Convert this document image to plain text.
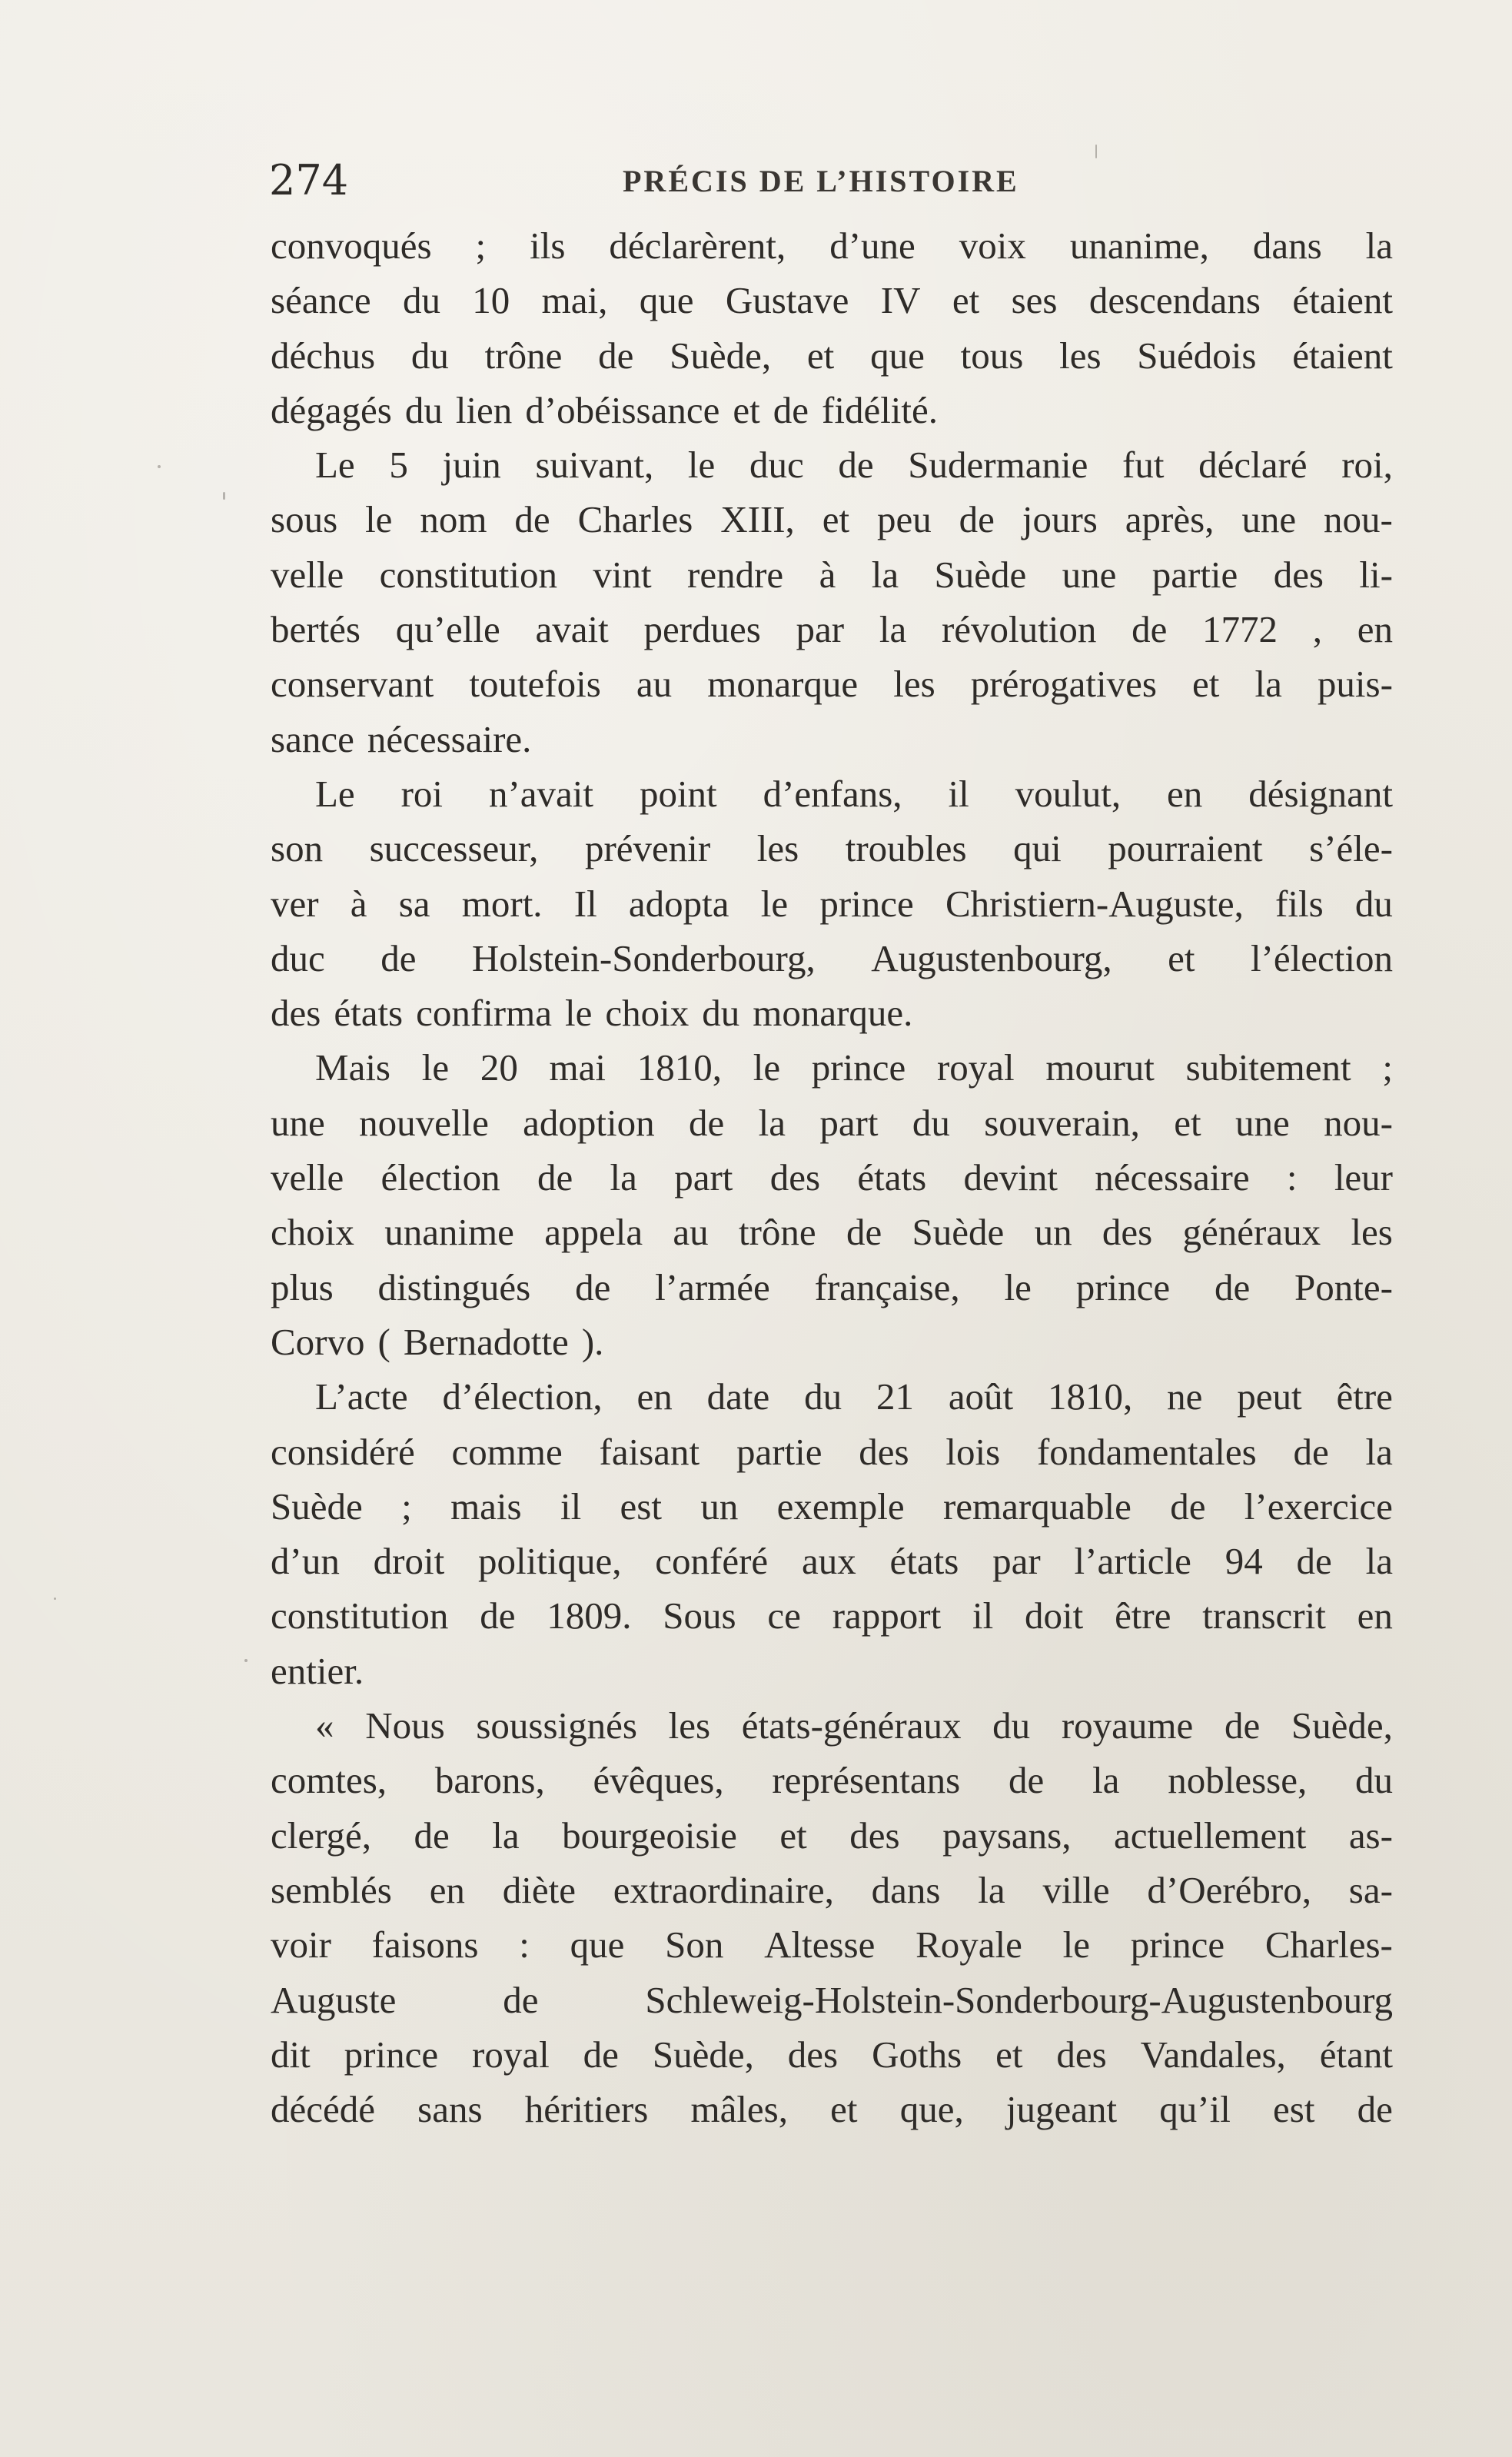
274	PRÉCIS DE L’HISTOIRE
convoqués ; ils déclarèrent, d’une voix unanime, dans la
séance du 10 mai, que Gustave IV et ses descendans étaient
déchus du trône de Suède, et que tous les Suédois étaient
dégagés du lien d’obéissance et de fidélité.
Le 5 juin suivant, le duc de Sudermanie fut déclaré roi,
sous le nom de Charles XIII, et peu de jours après, une nou-
velle constitution vint rendre à la Suède une partie des li-
bertés qu’elle avait perdues par la révolution de 1772 , en
conservant toutefois au monarque les prérogatives et la puis-
sance nécessaire.
Le roi n’avait point d’enfans, il voulut, en désignant
son successeur, prévenir les troubles qui pourraient s’éle-
ver à sa mort. Il adopta le prince Christiern-Auguste, fils du
duc de Holstein-Sonderbourg, Augustenbourg, et l’élection
des états confirma le choix du monarque.
Mais le 20 mai 1810, le prince royal mourut subitement ;
une nouvelle adoption de la part du souverain, et une nou-
velle élection de la part des états devint nécessaire : leur
choix unanime appela au trône de Suède un des généraux les
plus distingués de l’armée française, le prince de Ponte-
Corvo ( Bernadotte ).
L’acte d’élection, en date du 21 août 1810, ne peut être
considéré comme faisant partie des lois fondamentales de la
Suède ; mais il est un exemple remarquable de l’exercice
d’un droit politique, conféré aux états par l’article 94 de la
constitution de 1809. Sous ce rapport il doit être transcrit en
entier.
« Nous soussignés les états-généraux du royaume de Suède,
comtes, barons, évêques, représentans de la noblesse, du
clergé, de la bourgeoisie et des paysans, actuellement as-
semblés en diète extraordinaire, dans la ville d’Oerébro, sa-
voir faisons : que Son Altesse Royale le prince Charles-
Auguste	de	Schleweig-Holstein-Sonderbourg-Augustenbourg
dit prince royal de Suède, des Goths et des Vandales, étant
décédé sans héritiers mâles, et que, jugeant qu’il est de
